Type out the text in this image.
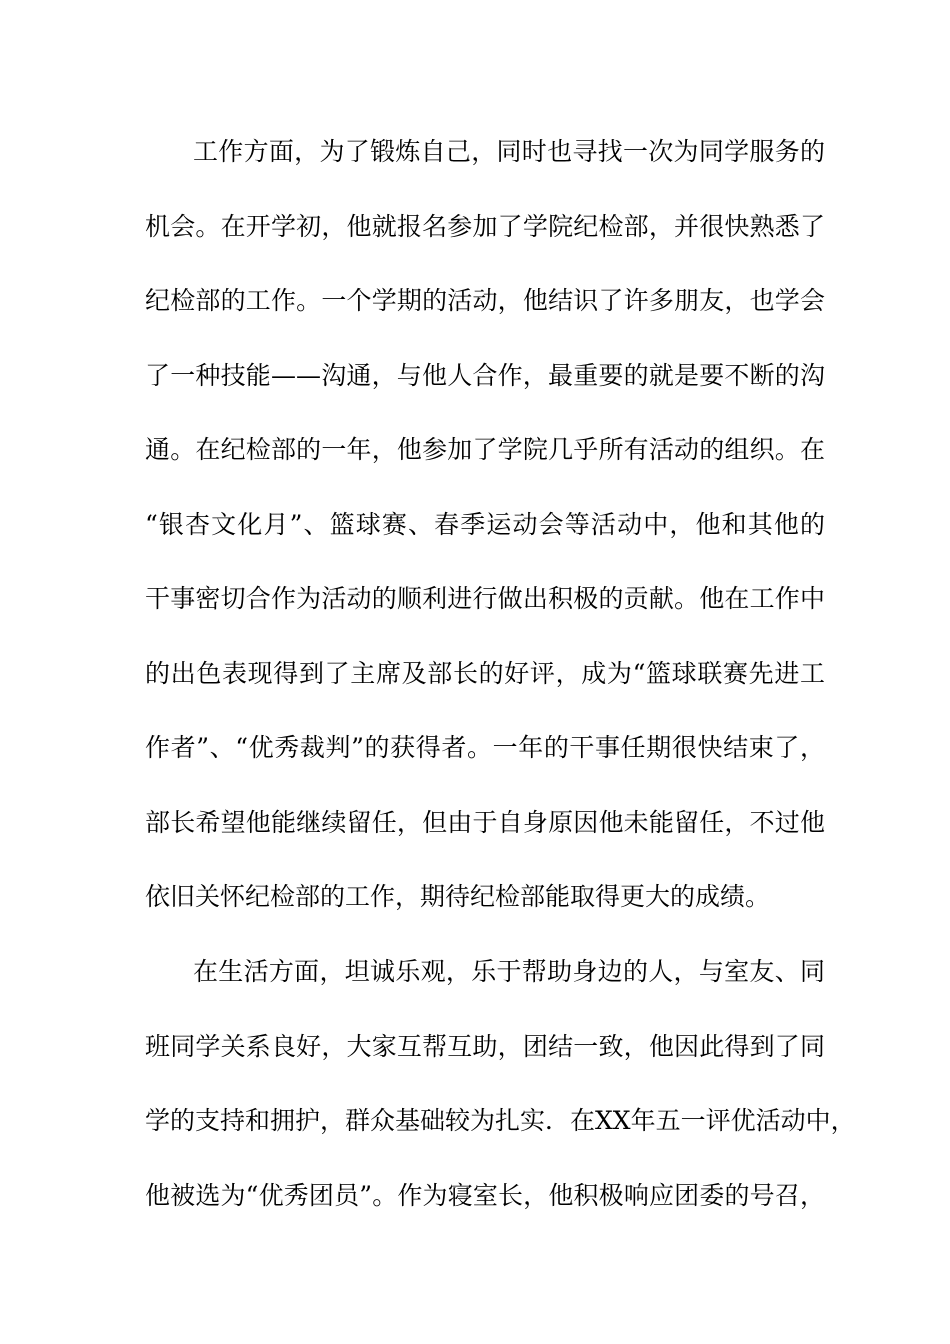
工作方面，为了锻炼自己，同时也寻找一次为同学服务的
机会。在开学初，他就报名参加了学院纪检部，并很快熟悉了
纪检部的工作。一个学期的活动，他结识了许多朋友，也学会
了一种技能——沟通，与他人合作，最重要的就是要不断的沟
通。在纪检部的一年，他参加了学院几乎所有活动的组织。在
“银杏文化月”、篮球赛、春季运动会等活动中，他和其他的
干事密切合作为活动的顺利进行做出积极的贡献。他在工作中
的出色表现得到了主席及部长的好评，成为“篮球联赛先进工
作者”、“优秀裁判”的获得者。一年的干事任期很快结束了，
部长希望他能继续留任，但由于自身原因他未能留任，不过他
依旧关怀纪检部的工作，期待纪检部能取得更大的成绩。
在生活方面，坦诚乐观，乐于帮助身边的人，与室友、同
班同学关系良好，大家互帮互助，团结一致，他因此得到了同
学的支持和拥护，群众基础较为扎实．在XX年五一评优活动中，
他被选为“优秀团员”。作为寝室长，他积极响应团委的号召，
